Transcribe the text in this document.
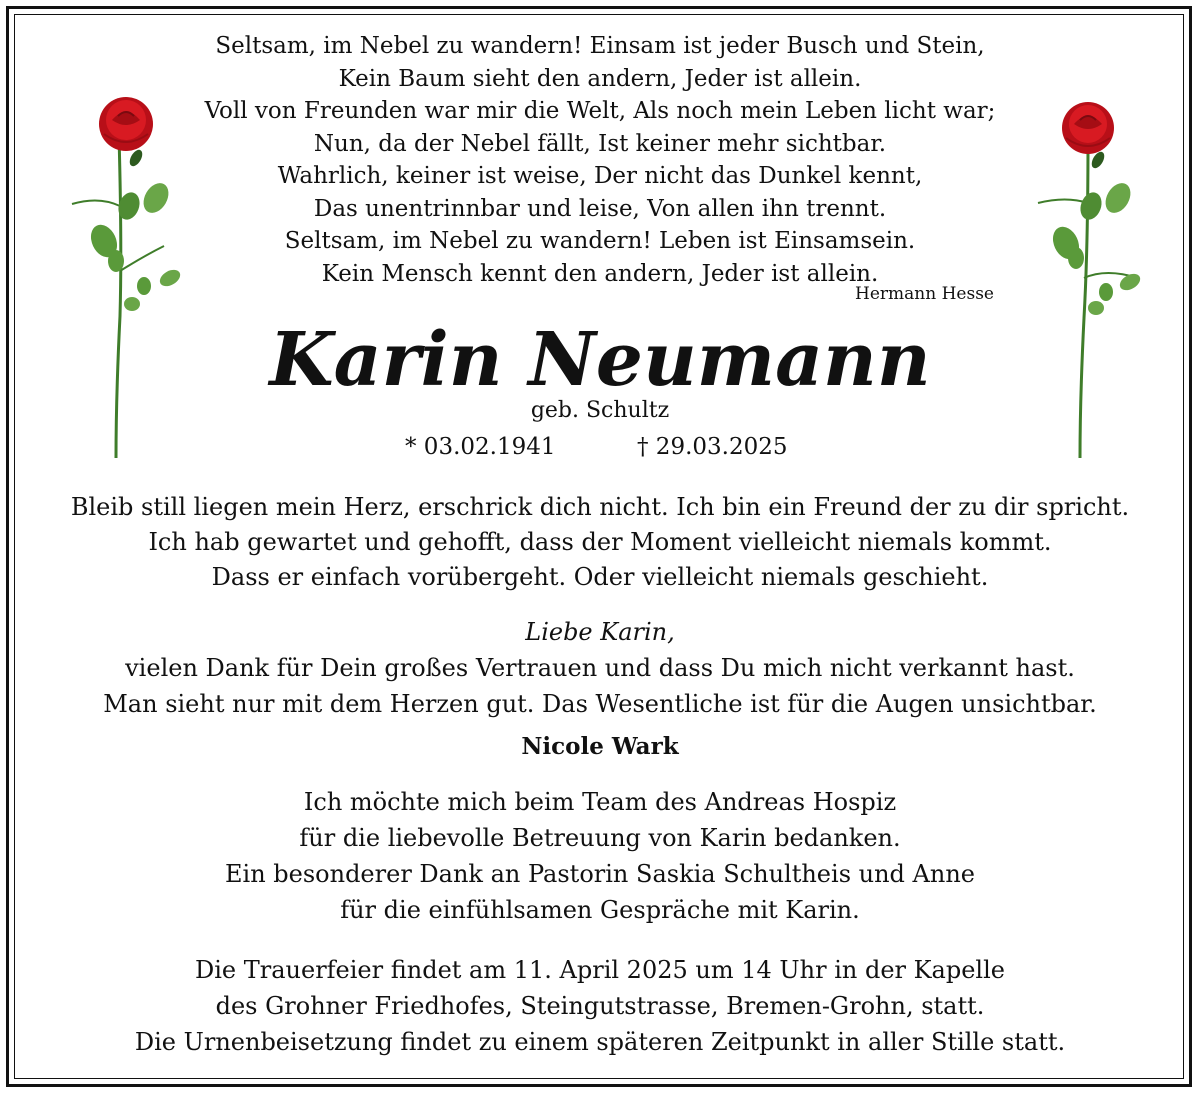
Seltsam, im Nebel zu wandern! Einsam ist jeder Busch und Stein,
Kein Baum sieht den andern, Jeder ist allein.
Voll von Freunden war mir die Welt, Als noch mein Leben licht war;
Nun, da der Nebel fällt, Ist keiner mehr sichtbar.
Wahrlich, keiner ist weise, Der nicht das Dunkel kennt,
Das unentrinnbar und leise, Von allen ihn trennt.
Seltsam, im Nebel zu wandern! Leben ist Einsamsein.
Kein Mensch kennt den andern, Jeder ist allein.
Hermann Hesse
Karin Neumann
geb. Schultz
* 03.02.1941	† 29.03.2025
Bleib still liegen mein Herz, erschrick dich nicht. Ich bin ein Freund der zu dir spricht.
Ich hab gewartet und gehofft, dass der Moment vielleicht niemals kommt.
Dass er einfach vorübergeht. Oder vielleicht niemals geschieht.
Liebe Karin,
vielen Dank für Dein großes Vertrauen und dass Du mich nicht verkannt hast.
Man sieht nur mit dem Herzen gut. Das Wesentliche ist für die Augen unsichtbar.
Nicole Wark
Ich möchte mich beim Team des Andreas Hospiz
für die liebevolle Betreuung von Karin bedanken.
Ein besonderer Dank an Pastorin Saskia Schultheis und Anne
für die einfühlsamen Gespräche mit Karin.
Die Trauerfeier findet am 11. April 2025 um 14 Uhr in der Kapelle
des Grohner Friedhofes, Steingutstrasse, Bremen-Grohn, statt.
Die Urnenbeisetzung findet zu einem späteren Zeitpunkt in aller Stille statt.
